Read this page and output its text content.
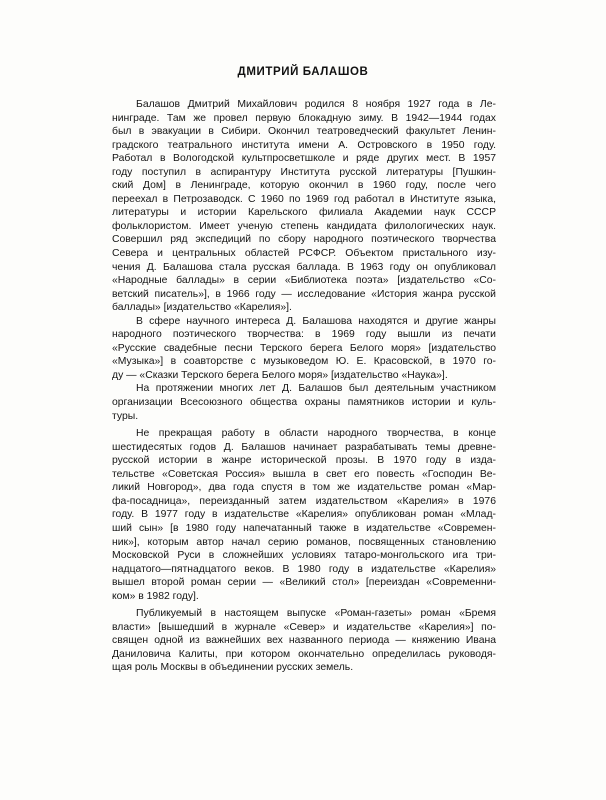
ДМИТРИЙ БАЛАШОВ
Балашов Дмитрий Михайлович родился 8 ноября 1927 года в Ле-
нинграде. Там же провел первую блокадную зиму. В 1942—1944 годах
был в эвакуации в Сибири. Окончил театроведческий факультет Ленин-
градского театрального института имени А. Островского в 1950 году.
Работал в Вологодской культпросветшколе и ряде других мест. В 1957
году поступил в аспирантуру Института русской литературы [Пушкин-
ский Дом] в Ленинграде, которую окончил в 1960 году, после чего
переехал в Петрозаводск. С 1960 по 1969 год работал в Институте языка,
литературы и истории Карельского филиала Академии наук СССР
фольклористом. Имеет ученую степень кандидата филологических наук.
Совершил ряд экспедиций по сбору народного поэтического творчества
Севера и центральных областей РСФСР. Объектом пристального изу-
чения Д. Балашова стала русская баллада. В 1963 году он опубликовал
«Народные баллады» в серии «Библиотека поэта» [издательство «Со-
ветский писатель»], в 1966 году — исследование «История жанра русской
баллады» [издательство «Карелия»].
В сфере научного интереса Д. Балашова находятся и другие жанры
народного поэтического творчества: в 1969 году вышли из печати
«Русские свадебные песни Терского берега Белого моря» [издательство
«Музыка»] в соавторстве с музыковедом Ю. Е. Красовской, в 1970 го-
ду — «Сказки Терского берега Белого моря» [издательство «Наука»].
На протяжении многих лет Д. Балашов был деятельным участником
организации Всесоюзного общества охраны памятников истории и куль-
туры.
Не прекращая работу в области народного творчества, в конце
шестидесятых годов Д. Балашов начинает разрабатывать темы древне-
русской истории в жанре исторической прозы. В 1970 году в изда-
тельстве «Советская Россия» вышла в свет его повесть «Господин Ве-
ликий Новгород», два года спустя в том же издательстве роман «Мар-
фа-посадница», переизданный затем издательством «Карелия» в 1976
году. В 1977 году в издательстве «Карелия» опубликован роман «Млад-
ший сын» [в 1980 году напечатанный также в издательстве «Современ-
ник»], которым автор начал серию романов, посвященных становлению
Московской Руси в сложнейших условиях татаро-монгольского ига три-
надцатого—пятнадцатого веков. В 1980 году в издательстве «Карелия»
вышел второй роман серии — «Великий стол» [переиздан «Современни-
ком» в 1982 году].
Публикуемый в настоящем выпуске «Роман-газеты» роман «Бремя
власти» [вышедший в журнале «Север» и издательстве «Карелия»] по-
священ одной из важнейших вех названного периода — княжению Ивана
Даниловича Калиты, при котором окончательно определилась руководя-
щая роль Москвы в объединении русских земель.
